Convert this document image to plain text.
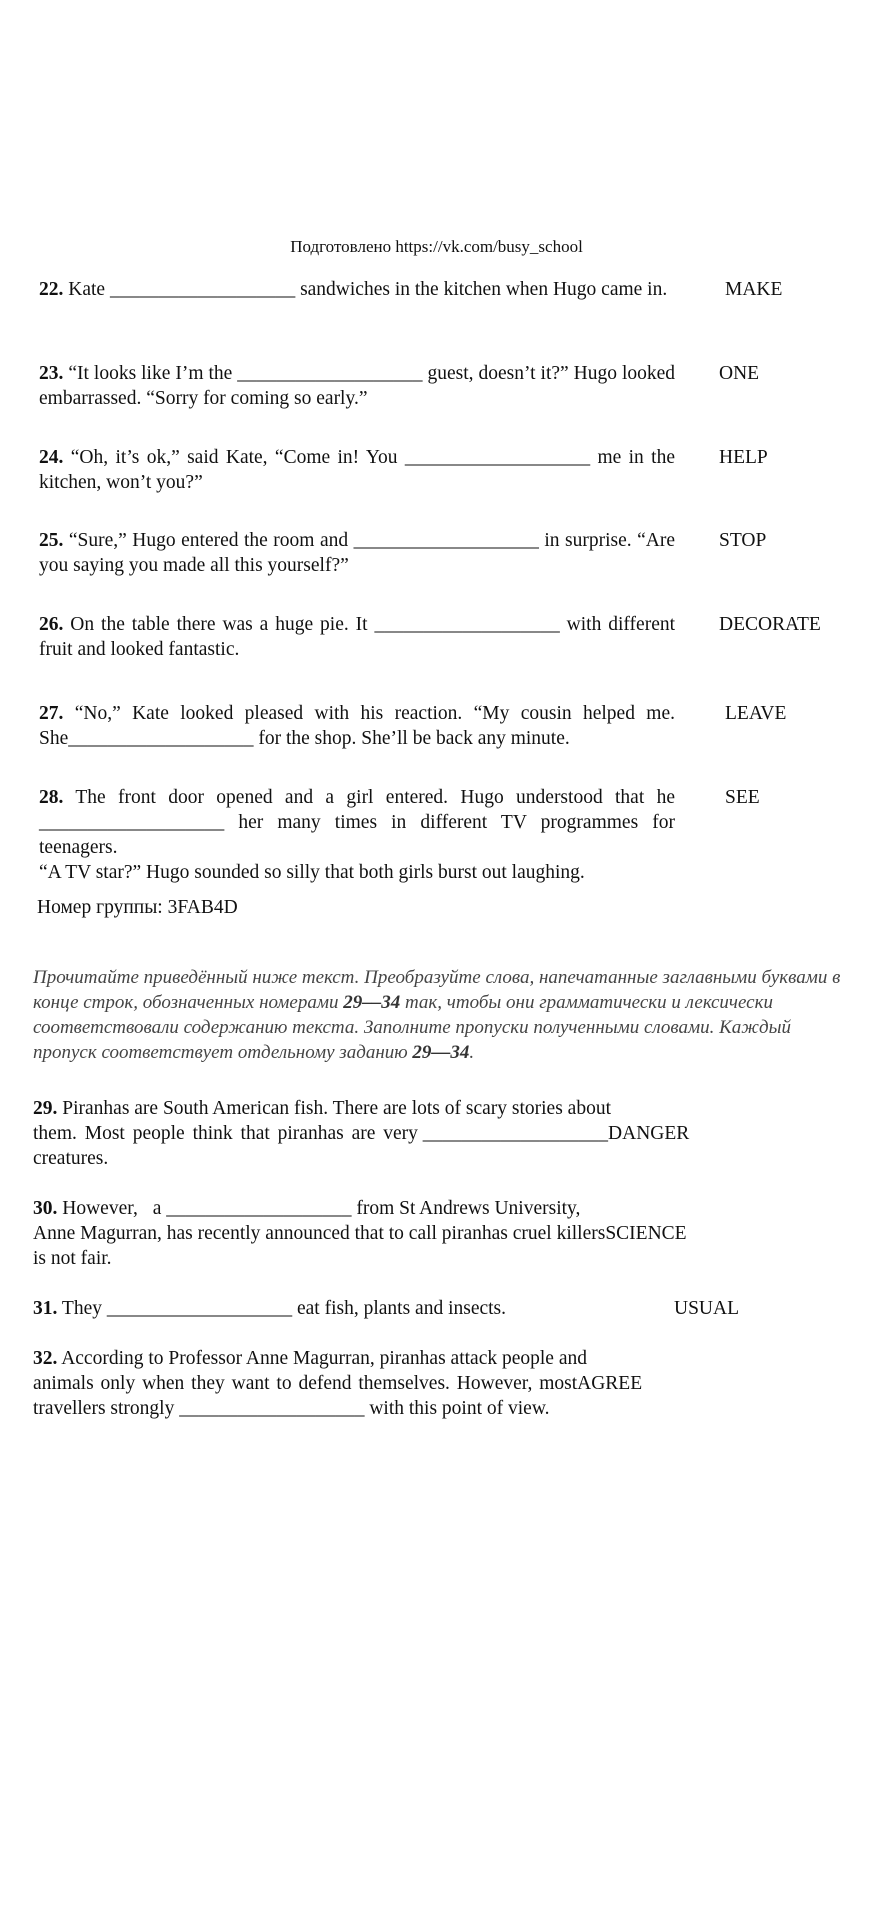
Подготовлено https://vk.com/busy_school
22. Kate ___________________ sandwiches in the kitchen when Hugo came in.	MAKE
23. “It looks like I’m the ___________________ guest, doesn’t it?” Hugo looked embarrassed. “Sorry for coming so early.”
ONE
24. “Oh, it’s ok,” said Kate, “Come in! You ___________________ me in the kitchen, won’t you?”
HELP
25. “Sure,” Hugo entered the room and ___________________ in surprise. “Are you saying you made all this yourself?”
STOP
26. On the table there was a huge pie. It ___________________ with different fruit and looked fantastic.
DECORATE
27. “No,” Kate looked pleased with his reaction. “My cousin helped me. She___________________ for the shop. She’ll be back any minute.
LEAVE
28. The front door opened and a girl entered. Hugo understood that he ___________________ her many times in different TV programmes for teenagers.
“A TV star?” Hugo sounded so silly that both girls burst out laughing.
SEE
Номер группы: 3FAB4D
Прочитайте приведённый ниже текст. Преобразуйте слова, напечатанные заглавными буквами в конце строк, обозначенных номерами 29––34 так, чтобы они грамматически и лексически соответствовали содержанию текста. Заполните пропуски полученными словами. Каждый пропуск соответствует отдельному заданию 29—34.
29. Piranhas are South American fish. There are lots of scary stories about
them. Most people think that piranhas are very ___________________DANGER
creatures.
30. However, a ___________________ from St Andrews University,
Anne Magurran, has recently announced that to call piranhas cruel killersSCIENCE
is not fair.
31. They ___________________ eat fish, plants and insects.	USUAL
32. According to Professor Anne Magurran, piranhas attack people and
animals only when they want to defend themselves. However, mostAGREE
travellers strongly ___________________ with this point of view.
